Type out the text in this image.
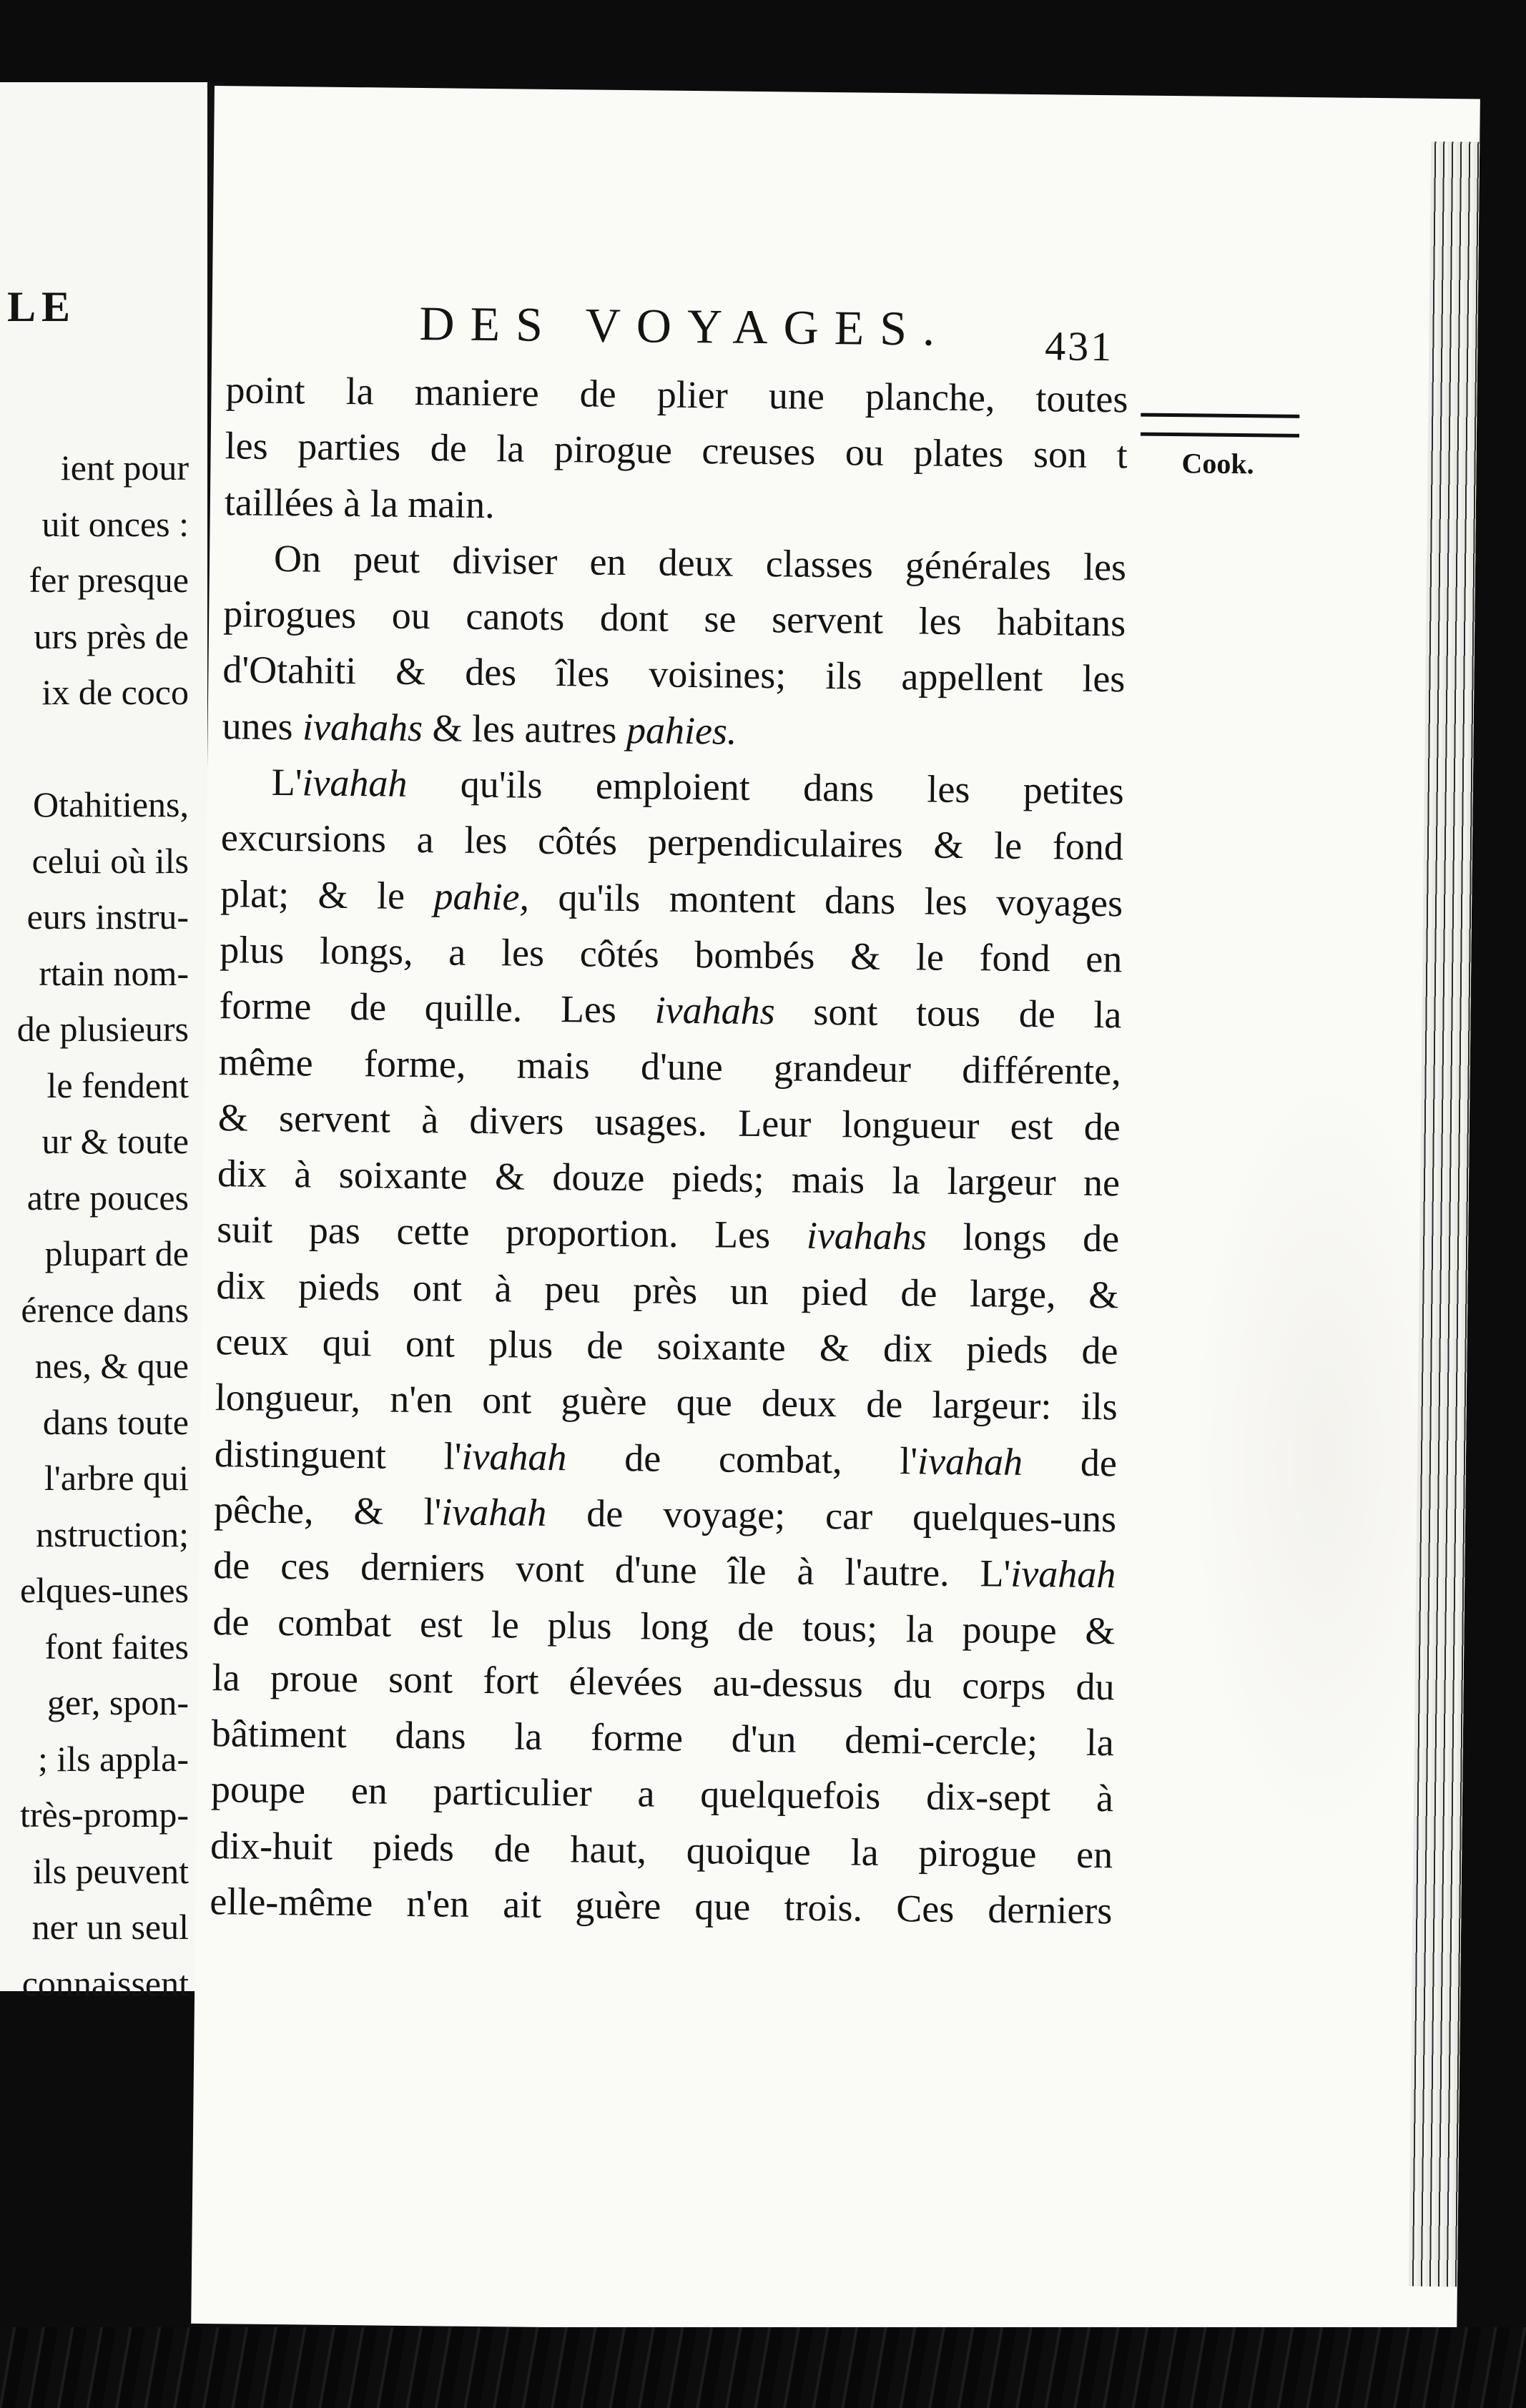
LE
ient pour
uit onces :
fer presque
urs près de
ix de coco
Otahitiens,
celui où ils
eurs instru-
rtain nom-
de plusieurs
le fendent
ur & toute
atre pouces
plupart de
érence dans
nes, & que
dans toute
l'arbre qui
nstruction;
elques-unes
font faites
ger, spon-
; ils appla-
très-promp-
ils peuvent
ner un seul
connaissent
DES VOYAGES. 431
Cook.
point la maniere de plier une planche, toutes
les parties de la pirogue creuses ou plates son t
taillées à la main.
On peut diviser en deux classes générales les
pirogues ou canots dont se servent les habitans
d'Otahiti & des îles voisines; ils appellent les
unes ivahahs & les autres pahies.
L'ivahah qu'ils emploient dans les petites
excursions a les côtés perpendiculaires & le fond
plat; & le pahie, qu'ils montent dans les voyages
plus longs, a les côtés bombés & le fond en
forme de quille. Les ivahahs sont tous de la
même forme, mais d'une grandeur différente,
& servent à divers usages. Leur longueur est de
dix à soixante & douze pieds; mais la largeur ne
suit pas cette proportion. Les ivahahs longs de
dix pieds ont à peu près un pied de large, &
ceux qui ont plus de soixante & dix pieds de
longueur, n'en ont guère que deux de largeur: ils
distinguent l'ivahah de combat, l'ivahah de
pêche, & l'ivahah de voyage; car quelques-uns
de ces derniers vont d'une île à l'autre. L'ivahah
de combat est le plus long de tous; la poupe &
la proue sont fort élevées au-dessus du corps du
bâtiment dans la forme d'un demi-cercle; la
poupe en particulier a quelquefois dix-sept à
dix-huit pieds de haut, quoique la pirogue en
elle-même n'en ait guère que trois. Ces derniers
